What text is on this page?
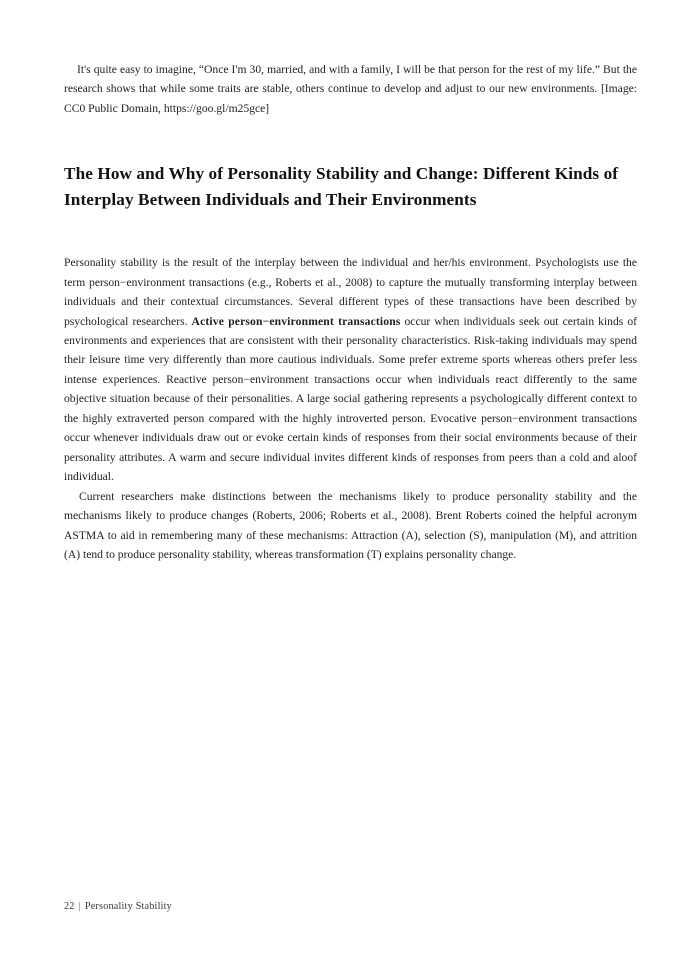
It's quite easy to imagine, “Once I'm 30, married, and with a family, I will be that person for the rest of my life.” But the research shows that while some traits are stable, others continue to develop and adjust to our new environments. [Image: CC0 Public Domain, https://goo.gl/m25gce]

The How and Why of Personality Stability and Change: Different Kinds of Interplay Between Individuals and Their Environments

Personality stability is the result of the interplay between the individual and her/his environment. Psychologists use the term person−environment transactions (e.g., Roberts et al., 2008) to capture the mutually transforming interplay between individuals and their contextual circumstances. Several different types of these transactions have been described by psychological researchers. Active person−environment transactions occur when individuals seek out certain kinds of environments and experiences that are consistent with their personality characteristics. Risk-taking individuals may spend their leisure time very differently than more cautious individuals. Some prefer extreme sports whereas others prefer less intense experiences. Reactive person−environment transactions occur when individuals react differently to the same objective situation because of their personalities. A large social gathering represents a psychologically different context to the highly extraverted person compared with the highly introverted person. Evocative person−environment transactions occur whenever individuals draw out or evoke certain kinds of responses from their social environments because of their personality attributes. A warm and secure individual invites different kinds of responses from peers than a cold and aloof individual.

Current researchers make distinctions between the mechanisms likely to produce personality stability and the mechanisms likely to produce changes (Roberts, 2006; Roberts et al., 2008). Brent Roberts coined the helpful acronym ASTMA to aid in remembering many of these mechanisms: Attraction (A), selection (S), manipulation (M), and attrition (A) tend to produce personality stability, whereas transformation (T) explains personality change.

22 | Personality Stability
